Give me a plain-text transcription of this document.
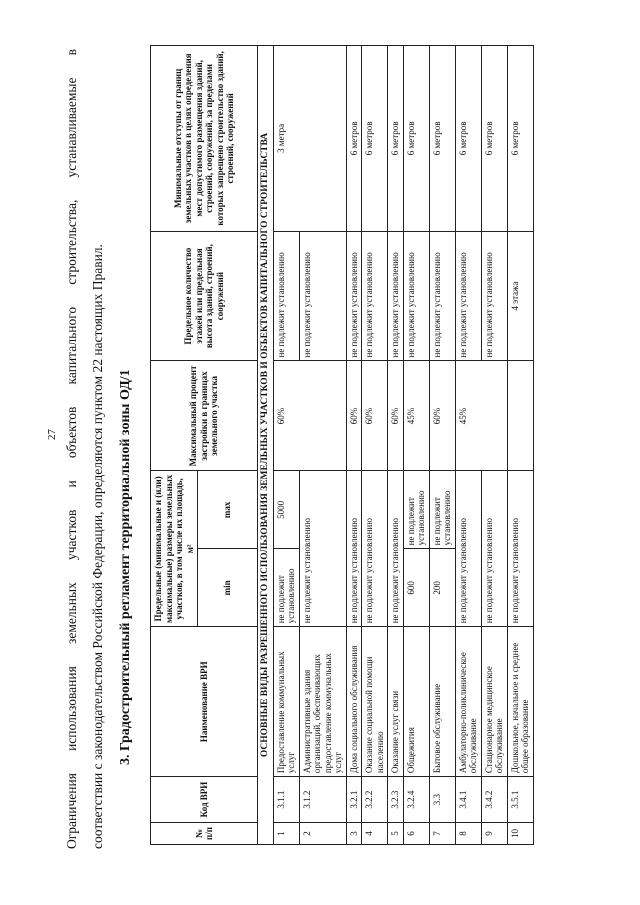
27 Ограничения использования земельных участков и объектов капитального строительства, устанавливаемые в соответствии с законодательством Российской Федерации, определяются пунктом 22 настоящих Правил. 3. Градостроительный регламент территориальной зоны ОД/1
№ п/п	Код ВРИ	Наименование ВРИ	Предельные (минимальные и (или) максимальные) размеры земельных участков, в том числе их площадь, м²		Максимальный процент застройки в границах земельного участка	Предельное количество этажей или предельная высота зданий, строений, сооружений	Минимальные отступы от границ земельных участков в целях определения мест допустимого размещения зданий, строений, сооружений, за пределами которых запрещено строительство зданий, строений, сооружений
			min	max			
ОСНОВНЫЕ ВИДЫ РАЗРЕШЕННОГО ИСПОЛЬЗОВАНИЯ ЗЕМЕЛЬНЫХ УЧАСТКОВ И ОБЪЕКТОВ КАПИТАЛЬНОГО СТРОИТЕЛЬСТВА							
1	3.1.1	Предоставление коммунальных услуг	не подлежит установлению	5000	60%	не подлежит установлению	3 метра
2	3.1.2	Административные здания организаций, обеспечивающих предоставление коммунальных услуг	не подлежит установлению			не подлежит установлению	
3	3.2.1	Дома социального обслуживания	не подлежит установлению		60%	не подлежит установлению	6 метров
4	3.2.2	Оказание социальной помощи населению	не подлежит установлению		60%	не подлежит установлению	6 метров
5	3.2.3	Оказание услуг связи	не подлежит установлению		60%	не подлежит установлению	6 метров
6	3.2.4	Общежития	600	не подлежит установлению	45%	не подлежит установлению	6 метров
7	3.3	Бытовое обслуживание	200	не подлежит установлению	60%	не подлежит установлению	6 метров
8	3.4.1	Амбулаторно-поликлиническое обслуживание	не подлежит установлению		45%	не подлежит установлению	6 метров
9	3.4.2	Стационарное медицинское обслуживание	не подлежит установлению			не подлежит установлению	6 метров
10	3.5.1	Дошкольное, начальное и среднее общее образование	не подлежит установлению			4 этажа	6 метров
